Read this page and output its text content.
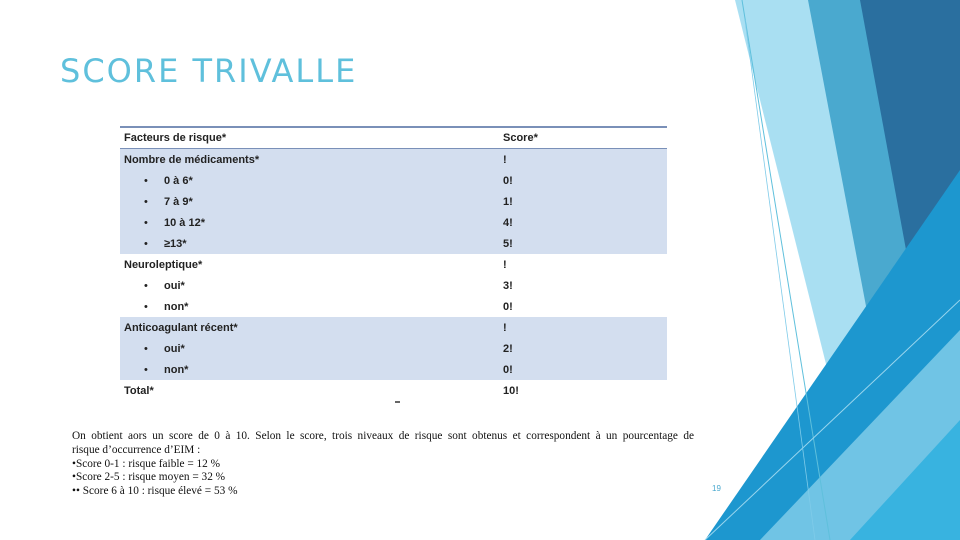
SCORE TRIVALLE
Facteurs de risque*	Score*
Nombre de médicaments*	!
• 0 à 6*	0!
• 7 à 9*	1!
• 10 à 12*	4!
• ≥13*	5!
Neuroleptique*	!
• oui*	3!
• non*	0!
Anticoagulant récent*	!
• oui*	2!
• non*	0!
Total*	10!
On obtient aors un score de 0 à 10. Selon le score, trois niveaux de risque sont obtenus et correspondent à un pourcentage de
risque d’occurrence d’EIM :
•Score 0-1 : risque faible = 12 %
•Score 2-5 : risque moyen = 32 %
•• Score 6 à 10 : risque élevé = 53 %	19
